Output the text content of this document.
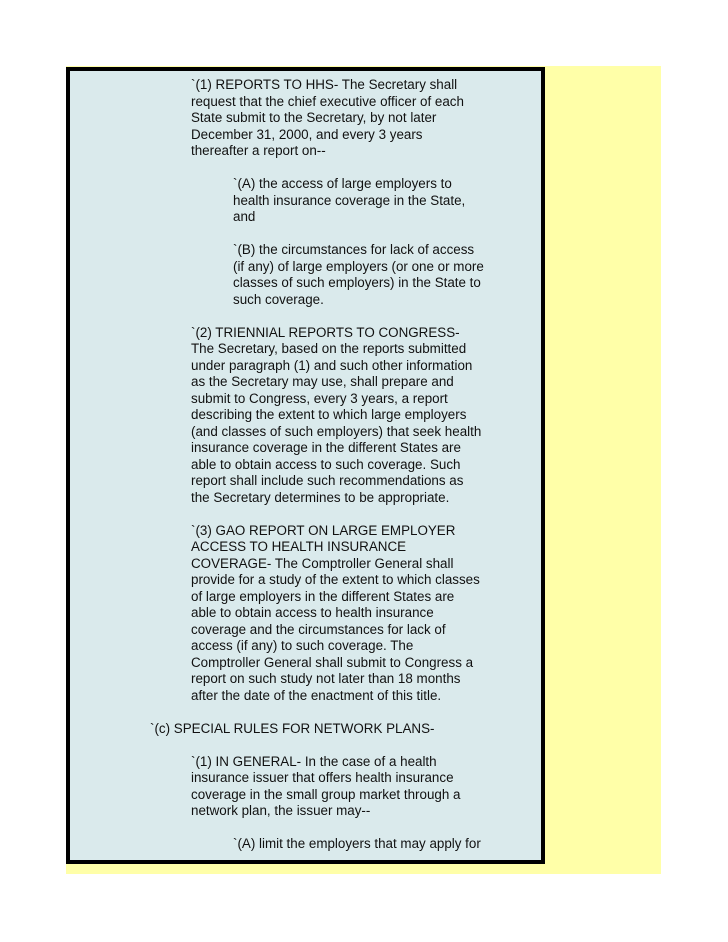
`(1) REPORTS TO HHS- The Secretary shall
request that the chief executive officer of each
State submit to the Secretary, by not later
December 31, 2000, and every 3 years
thereafter a report on--
`(A) the access of large employers to
health insurance coverage in the State,
and
`(B) the circumstances for lack of access
(if any) of large employers (or one or more
classes of such employers) in the State to
such coverage.
`(2) TRIENNIAL REPORTS TO CONGRESS-
The Secretary, based on the reports submitted
under paragraph (1) and such other information
as the Secretary may use, shall prepare and
submit to Congress, every 3 years, a report
describing the extent to which large employers
(and classes of such employers) that seek health
insurance coverage in the different States are
able to obtain access to such coverage. Such
report shall include such recommendations as
the Secretary determines to be appropriate.
`(3) GAO REPORT ON LARGE EMPLOYER
ACCESS TO HEALTH INSURANCE
COVERAGE- The Comptroller General shall
provide for a study of the extent to which classes
of large employers in the different States are
able to obtain access to health insurance
coverage and the circumstances for lack of
access (if any) to such coverage. The
Comptroller General shall submit to Congress a
report on such study not later than 18 months
after the date of the enactment of this title.
`(c) SPECIAL RULES FOR NETWORK PLANS-
`(1) IN GENERAL- In the case of a health
insurance issuer that offers health insurance
coverage in the small group market through a
network plan, the issuer may--
`(A) limit the employers that may apply for
